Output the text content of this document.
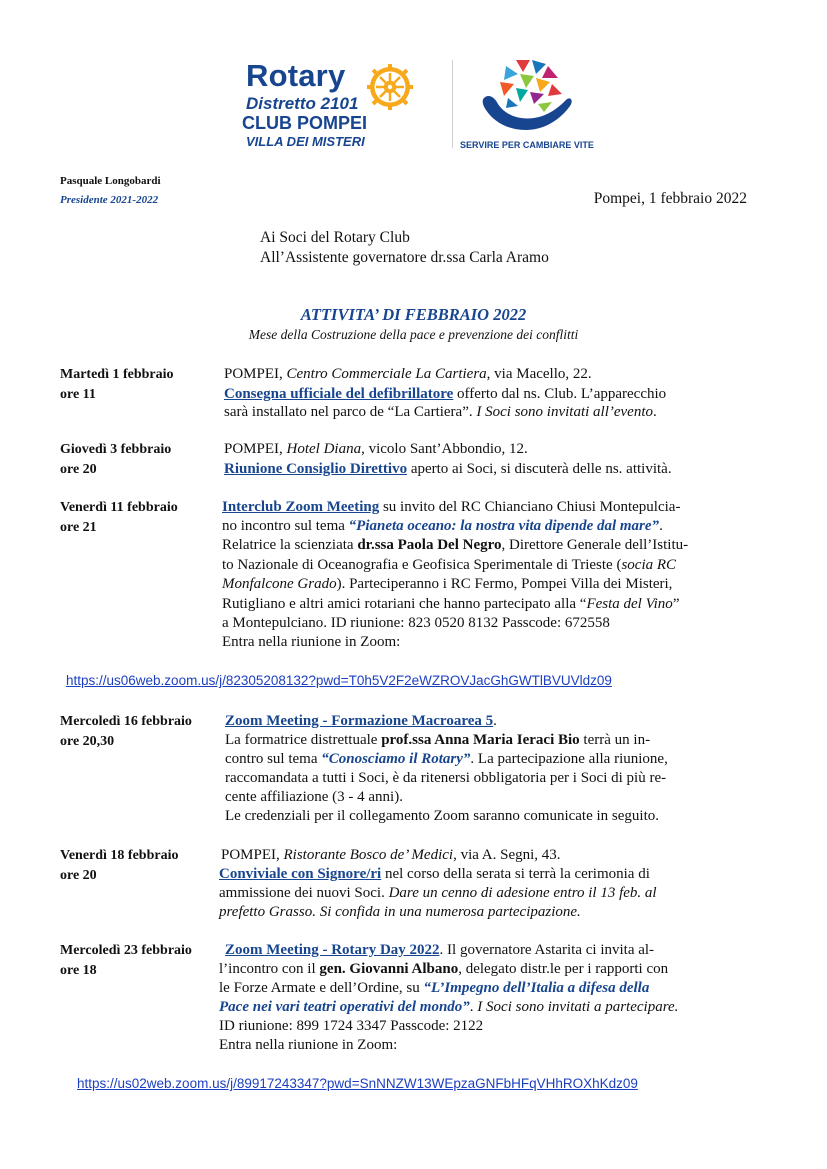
Rotary
Distretto 2101
CLUB POMPEI
VILLA DEI MISTERI	SERVIRE PER CAMBIARE VITE
Pasquale Longobardi
Presidente 2021-2022	Pompei, 1 febbraio 2022
Ai Soci del Rotary Club
All’Assistente governatore dr.ssa Carla Aramo
ATTIVITA’ DI FEBBRAIO 2022
Mese della Costruzione della pace e prevenzione dei conflitti
Martedì 1 febbraio
ore 11
POMPEI, Centro Commerciale La Cartiera, via Macello, 22.
Consegna ufficiale del defibrillatore offerto dal ns. Club. L’apparecchio
sarà installato nel parco de “La Cartiera”. I Soci sono invitati all’evento.
Giovedì 3 febbraio
ore 20
POMPEI, Hotel Diana, vicolo Sant’Abbondio, 12.
Riunione Consiglio Direttivo aperto ai Soci, si discuterà delle ns. attività.
Venerdì 11 febbraio
ore 21
Interclub Zoom Meeting su invito del RC Chianciano Chiusi Montepulcia-
no incontro sul tema “Pianeta oceano: la nostra vita dipende dal mare”.
Relatrice la scienziata dr.ssa Paola Del Negro, Direttore Generale dell’Istitu-
to Nazionale di Oceanografia e Geofisica Sperimentale di Trieste (socia RC
Monfalcone Grado). Parteciperanno i RC Fermo, Pompei Villa dei Misteri,
Rutigliano e altri amici rotariani che hanno partecipato alla “Festa del Vino”
a Montepulciano. ID riunione: 823 0520 8132 Passcode: 672558
Entra nella riunione in Zoom:
https://us06web.zoom.us/j/82305208132?pwd=T0h5V2F2eWZROVJacGhGWTlBVUVldz09
Mercoledì 16 febbraio
ore 20,30
Zoom Meeting - Formazione Macroarea 5.
La formatrice distrettuale prof.ssa Anna Maria Ieraci Bio terrà un in-
contro sul tema “Conosciamo il Rotary”. La partecipazione alla riunione,
raccomandata a tutti i Soci, è da ritenersi obbligatoria per i Soci di più re-
cente affiliazione (3 - 4 anni).
Le credenziali per il collegamento Zoom saranno comunicate in seguito.
Venerdì 18 febbraio
ore 20
POMPEI, Ristorante Bosco de’ Medici, via A. Segni, 43.
Conviviale con Signore/ri nel corso della serata si terrà la cerimonia di
ammissione dei nuovi Soci. Dare un cenno di adesione entro il 13 feb. al
prefetto Grasso. Si confida in una numerosa partecipazione.
Mercoledì 23 febbraio
ore 18
Zoom Meeting - Rotary Day 2022. Il governatore Astarita ci invita al-
l’incontro con il gen. Giovanni Albano, delegato distr.le per i rapporti con
le Forze Armate e dell’Ordine, su “L’Impegno dell’Italia a difesa della
Pace nei vari teatri operativi del mondo”. I Soci sono invitati a partecipare.
ID riunione: 899 1724 3347 Passcode: 2122
Entra nella riunione in Zoom:
https://us02web.zoom.us/j/89917243347?pwd=SnNNZW13WEpzaGNFbHFqVHhROXhKdz09
